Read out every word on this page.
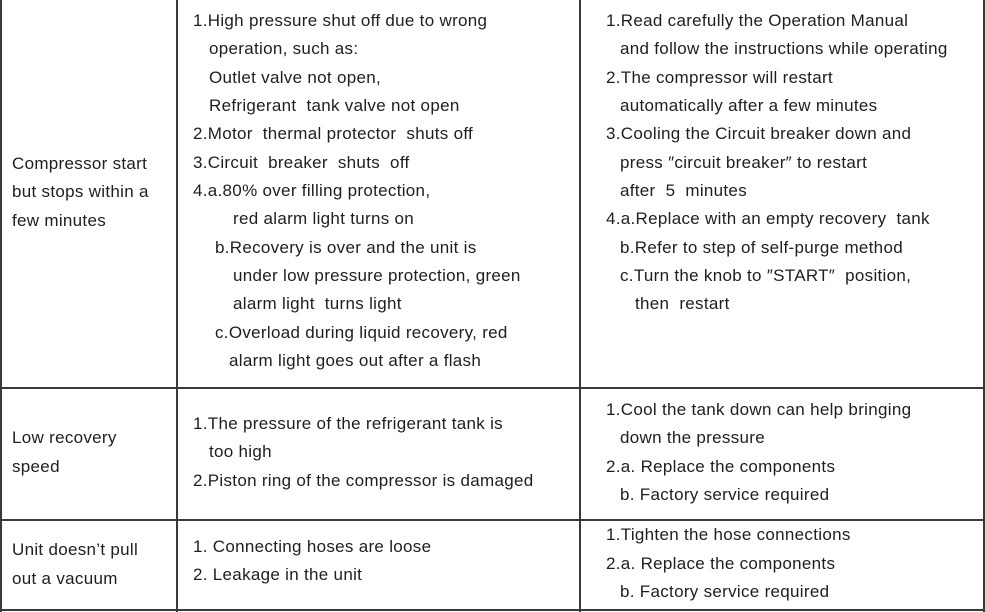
Compressor start
but stops within a
few minutes
1.High pressure shut off due to wrong
operation, such as:
Outlet valve not open,
Refrigerant  tank valve not open
2.Motor  thermal protector  shuts off
3.Circuit  breaker  shuts  off
4.a.80% over filling protection,
red alarm light turns on
b.Recovery is over and the unit is
under low pressure protection, green
alarm light  turns light
c.Overload during liquid recovery, red
alarm light goes out after a flash
1.Read carefully the Operation Manual
and follow the instructions while operating
2.The compressor will restart
automatically after a few minutes
3.Cooling the Circuit breaker down and
press ″circuit breaker″ to restart
after  5  minutes
4.a.Replace with an empty recovery  tank
b.Refer to step of self-purge method
c.Turn the knob to ″START″  position,
then  restart
Low recovery
speed
1.The pressure of the refrigerant tank is
too high
2.Piston ring of the compressor is damaged
1.Cool the tank down can help bringing
down the pressure
2.a. Replace the components
b. Factory service required
Unit doesn’t pull
out a vacuum
1. Connecting hoses are loose
2. Leakage in the unit
1.Tighten the hose connections
2.a. Replace the components
b. Factory service required
